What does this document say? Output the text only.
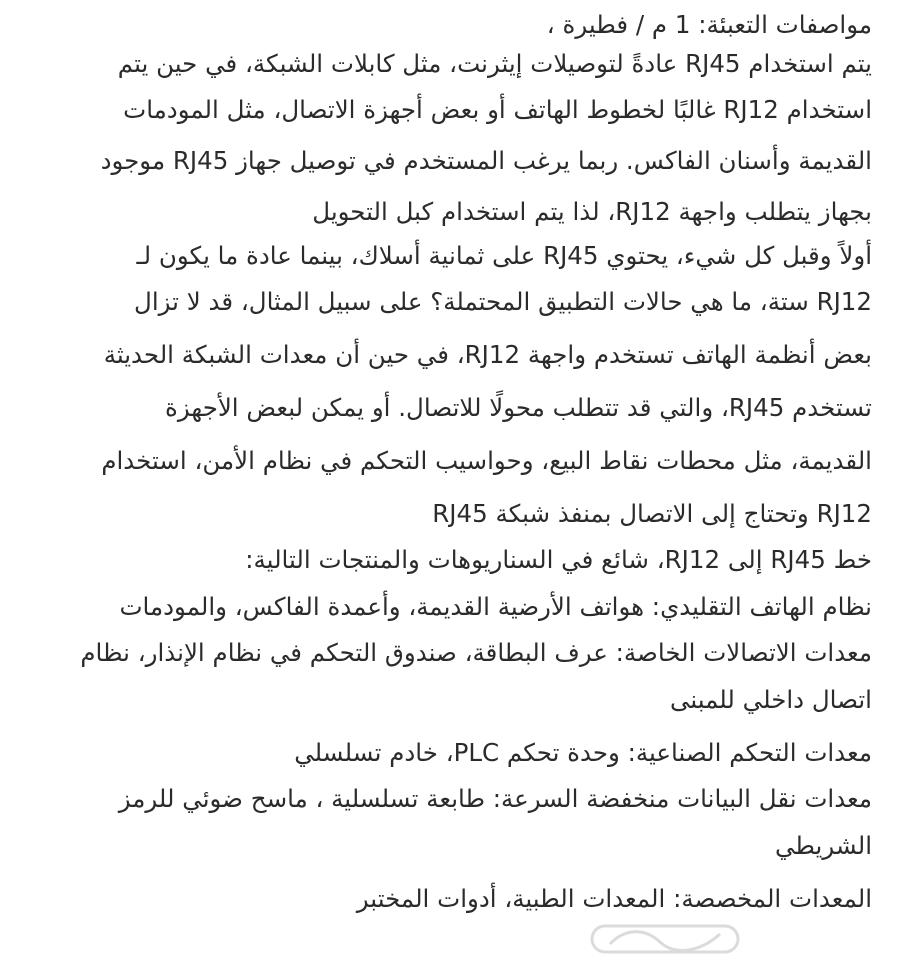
مواصفات التعبئة: 1 م / فطيرة ،
يتم استخدام RJ45 عادةً لتوصيلات إيثرنت، مثل كابلات الشبكة، في حين يتم
استخدام RJ12 غالبًا لخطوط الهاتف أو بعض أجهزة الاتصال، مثل المودمات
القديمة وأسنان الفاكس. ربما يرغب المستخدم في توصيل جهاز RJ45 موجود
بجهاز يتطلب واجهة RJ12، لذا يتم استخدام كبل التحويل
أولاً وقبل كل شيء، يحتوي RJ45 على ثمانية أسلاك، بينما عادة ما يكون لـ
RJ12 ستة، ما هي حالات التطبيق المحتملة؟ على سبيل المثال، قد لا تزال
بعض أنظمة الهاتف تستخدم واجهة RJ12، في حين أن معدات الشبكة الحديثة
تستخدم RJ45، والتي قد تتطلب محولًا للاتصال. أو يمكن لبعض الأجهزة
القديمة، مثل محطات نقاط البيع، وحواسيب التحكم في نظام الأمن، استخدام
RJ12 وتحتاج إلى الاتصال بمنفذ شبكة RJ45
خط RJ45 إلى RJ12، شائع في السناريوهات والمنتجات التالية:
نظام الهاتف التقليدي: هواتف الأرضية القديمة، وأعمدة الفاكس، والمودمات
معدات الاتصالات الخاصة: عرف البطاقة، صندوق التحكم في نظام الإنذار، نظام
اتصال داخلي للمبنى
معدات التحكم الصناعية: وحدة تحكم PLC، خادم تسلسلي
معدات نقل البيانات منخفضة السرعة: طابعة تسلسلية ، ماسح ضوئي للرمز
الشريطي
المعدات المخصصة: المعدات الطبية، أدوات المختبر
